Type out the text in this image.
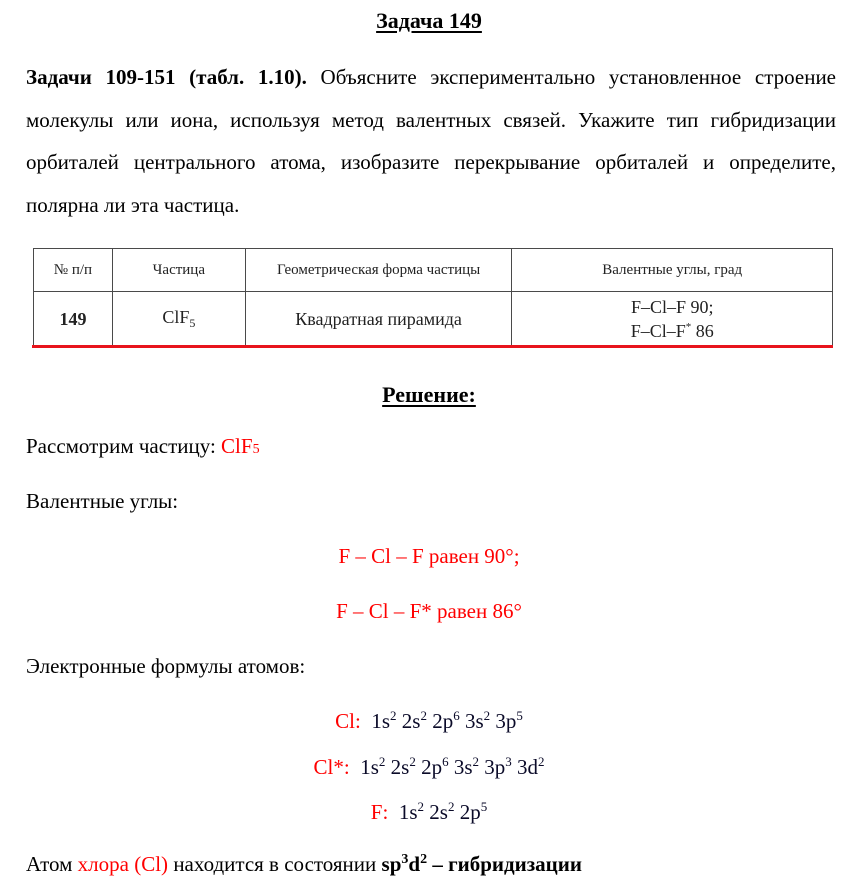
Задача 149
Задачи 109-151 (табл. 1.10). Объясните экспериментально установленное строение молекулы или иона, используя метод валентных связей. Укажите тип гибридизации орбиталей центрального атома, изобразите перекрывание орбиталей и определите, полярна ли эта частица.
№ п/п	Частица	Геометрическая форма частицы	Валентные углы, град
149	ClF$_5$	Квадратная пирамида	F–Cl–F 90;
F–Cl–F* 86
Решение:
Рассмотрим частицу: ClF5
Валентные углы:
F – Cl – F равен 90°;
F – Cl – F* равен 86°
Электронные формулы атомов:
Cl:  $1s^2$ $2s^2$ $2p^6$ $3s^2$ $3p^5$
Cl*:  $1s^2$ $2s^2$ $2p^6$ $3s^2$ $3p^3$ $3d^2$
F:  $1s^2$ $2s^2$ $2p^5$
Атом хлора (Cl) находится в состоянии $sp^3d^2$ – гибридизации
